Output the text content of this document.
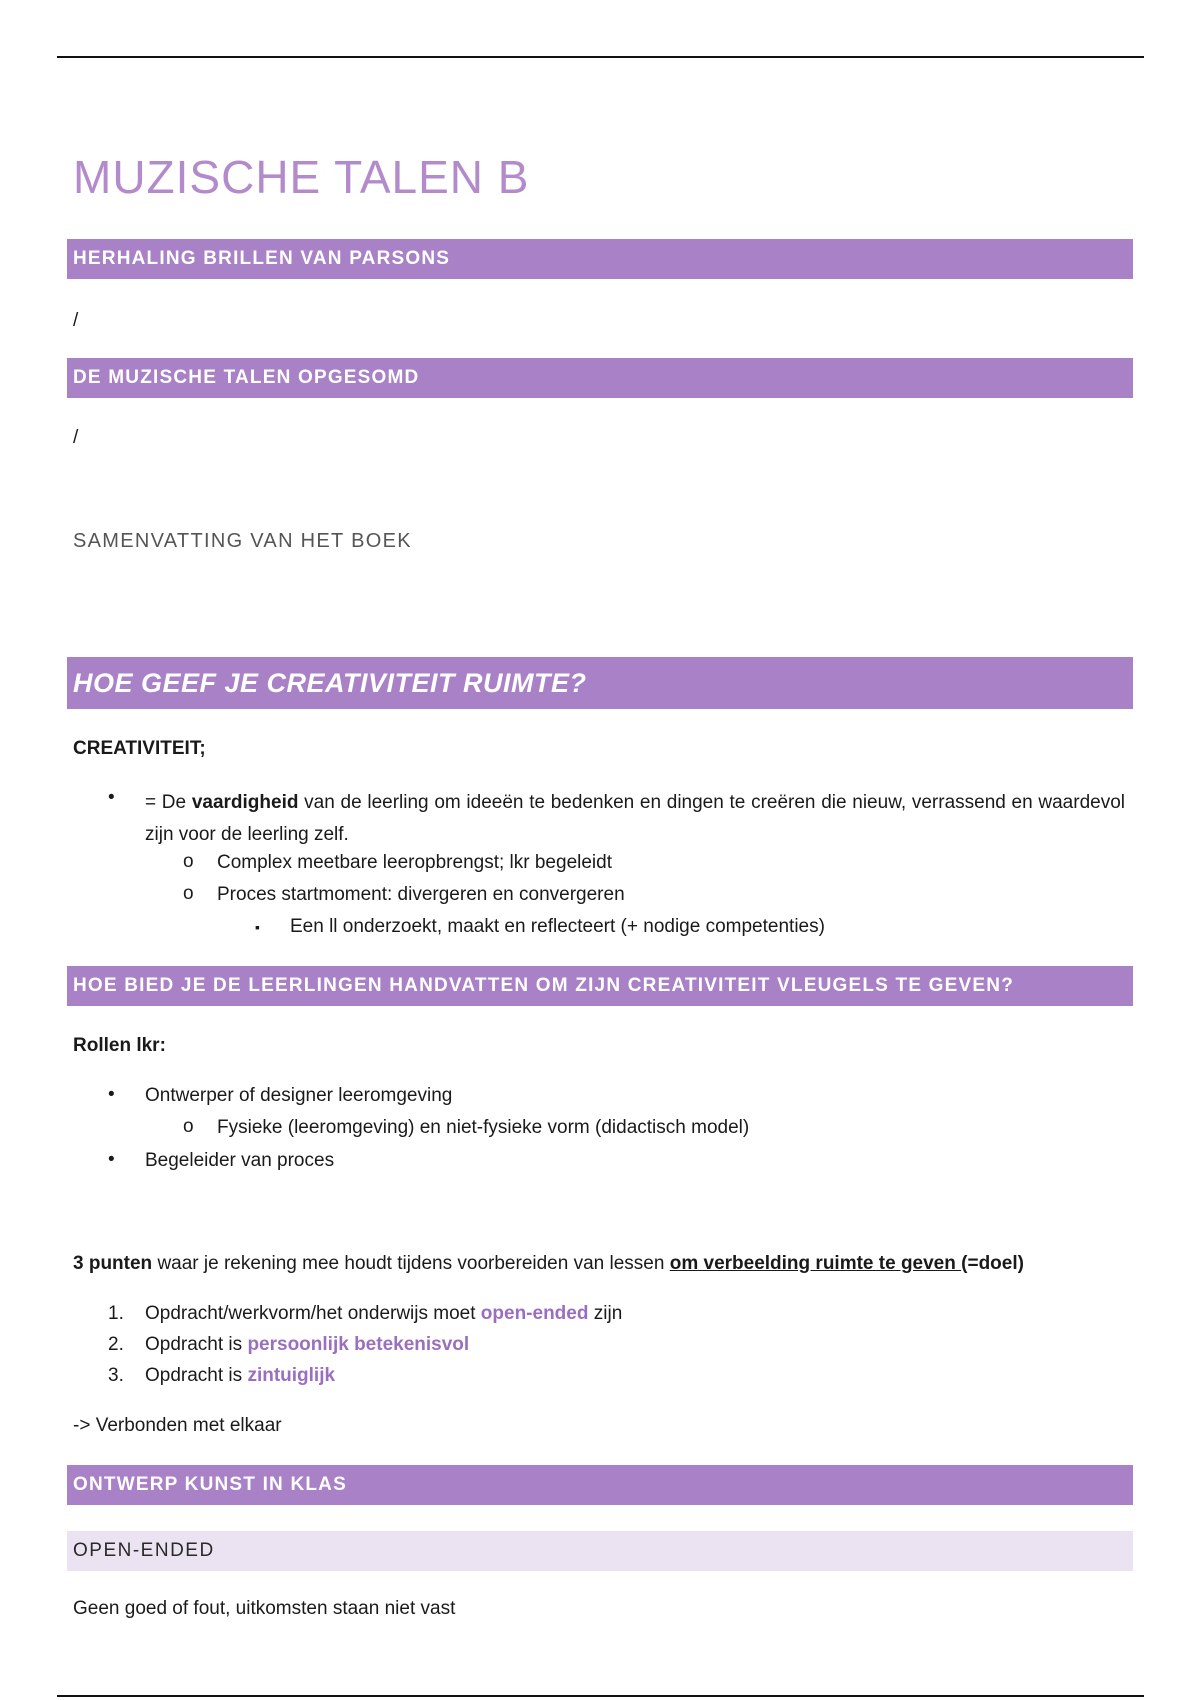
MUZISCHE TALEN B
HERHALING BRILLEN VAN PARSONS
/
DE MUZISCHE TALEN OPGESOMD
/
SAMENVATTING VAN HET BOEK
HOE GEEF JE CREATIVITEIT RUIMTE?
CREATIVITEIT;
• = De vaardigheid van de leerling om ideeën te bedenken en dingen te creëren die nieuw, verrassend en waardevol zijn voor de leerling zelf.
o Complex meetbare leeropbrengst; lkr begeleidt
o Proces startmoment: divergeren en convergeren
▪ Een ll onderzoekt, maakt en reflecteert (+ nodige competenties)
HOE BIED JE DE LEERLINGEN HANDVATTEN OM ZIJN CREATIVITEIT VLEUGELS TE GEVEN?
Rollen lkr:
• Ontwerper of designer leeromgeving
o Fysieke (leeromgeving) en niet-fysieke vorm (didactisch model)
• Begeleider van proces
3 punten waar je rekening mee houdt tijdens voorbereiden van lessen om verbeelding ruimte te geven (=doel)
1. Opdracht/werkvorm/het onderwijs moet open-ended zijn
2. Opdracht is persoonlijk betekenisvol
3. Opdracht is zintuiglijk
-> Verbonden met elkaar
ONTWERP KUNST IN KLAS
OPEN-ENDED
Geen goed of fout, uitkomsten staan niet vast
